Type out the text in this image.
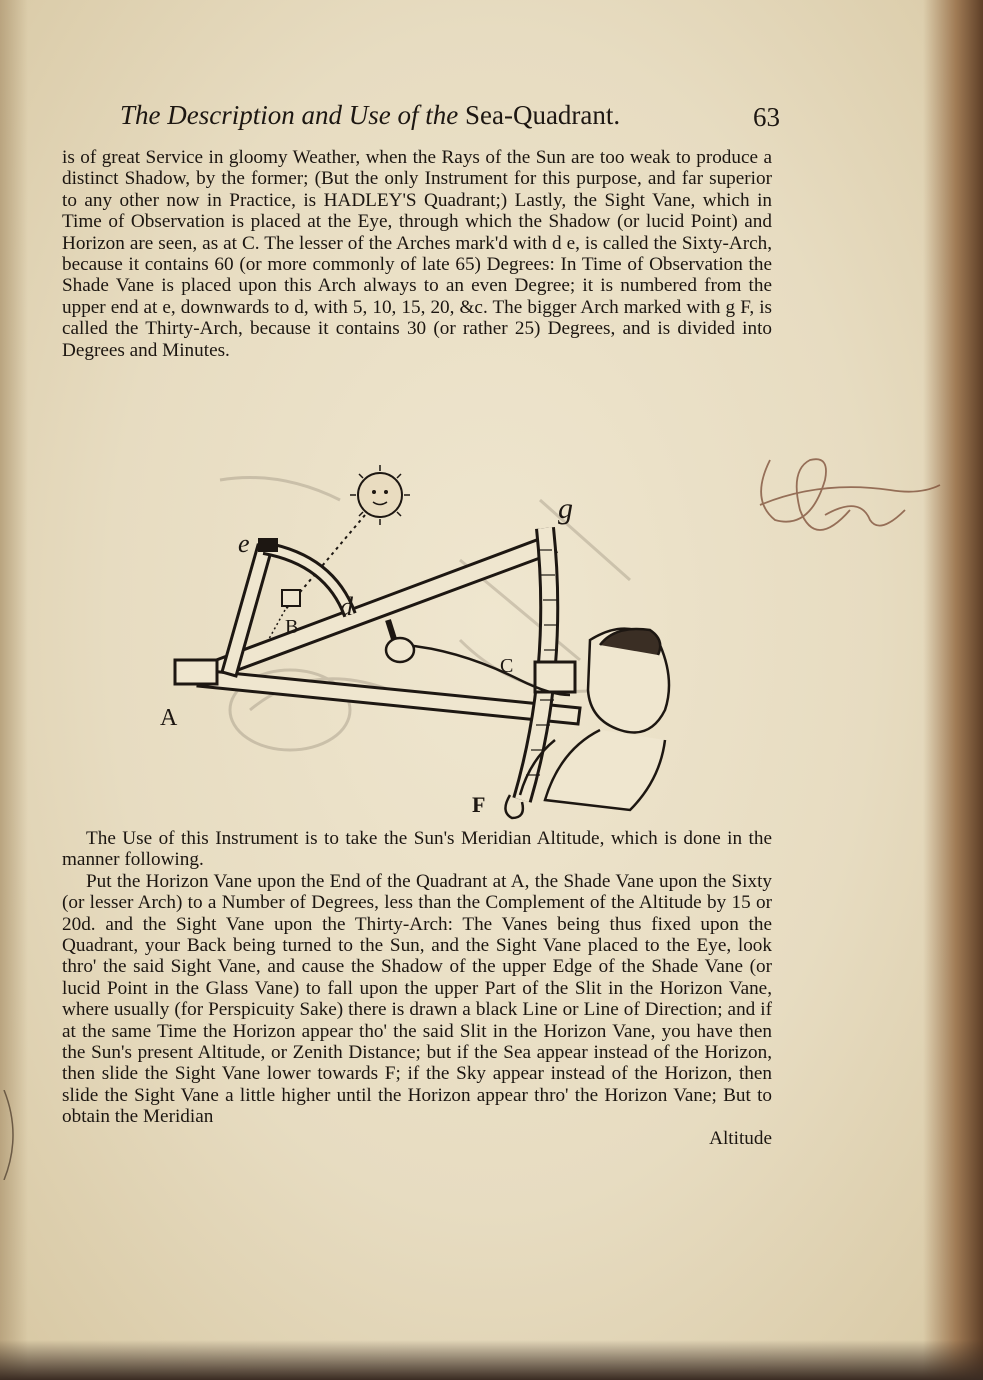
The Description and Use of the Sea-Quadrant.	63

is of great Service in gloomy Weather, when the Rays of the Sun are too weak to produce a distinct Shadow, by the former; (But the only Instrument for this purpose, and far superior to any other now in Practice, is HADLEY'S Quadrant;) Lastly, the Sight Vane, which in Time of Observation is placed at the Eye, through which the Shadow (or lucid Point) and Horizon are seen, as at C. The lesser of the Arches mark'd with d e, is called the Sixty-Arch, because it contains 60 (or more commonly of late 65) Degrees: In Time of Observation the Shade Vane is placed upon this Arch always to an even Degree; it is numbered from the upper end at e, downwards to d, with 5, 10, 15, 20, &c. The bigger Arch marked with g F, is called the Thirty-Arch, because it contains 30 (or rather 25) Degrees, and is divided into Degrees and Minutes.

A
B
C
d
e
F
g

The Use of this Instrument is to take the Sun's Meridian Altitude, which is done in the manner following.

Put the Horizon Vane upon the End of the Quadrant at A, the Shade Vane upon the Sixty (or lesser Arch) to a Number of Degrees, less than the Complement of the Altitude by 15 or 20d. and the Sight Vane upon the Thirty-Arch: The Vanes being thus fixed upon the Quadrant, your Back being turned to the Sun, and the Sight Vane placed to the Eye, look thro' the said Sight Vane, and cause the Shadow of the upper Edge of the Shade Vane (or lucid Point in the Glass Vane) to fall upon the upper Part of the Slit in the Horizon Vane, where usually (for Perspicuity Sake) there is drawn a black Line or Line of Direction; and if at the same Time the Horizon appear tho' the said Slit in the Horizon Vane, you have then the Sun's present Altitude, or Zenith Distance; but if the Sea appear instead of the Horizon, then slide the Sight Vane lower towards F; if the Sky appear instead of the Horizon, then slide the Sight Vane a little higher until the Horizon appear thro' the Horizon Vane; But to obtain the Meridian

Altitude
